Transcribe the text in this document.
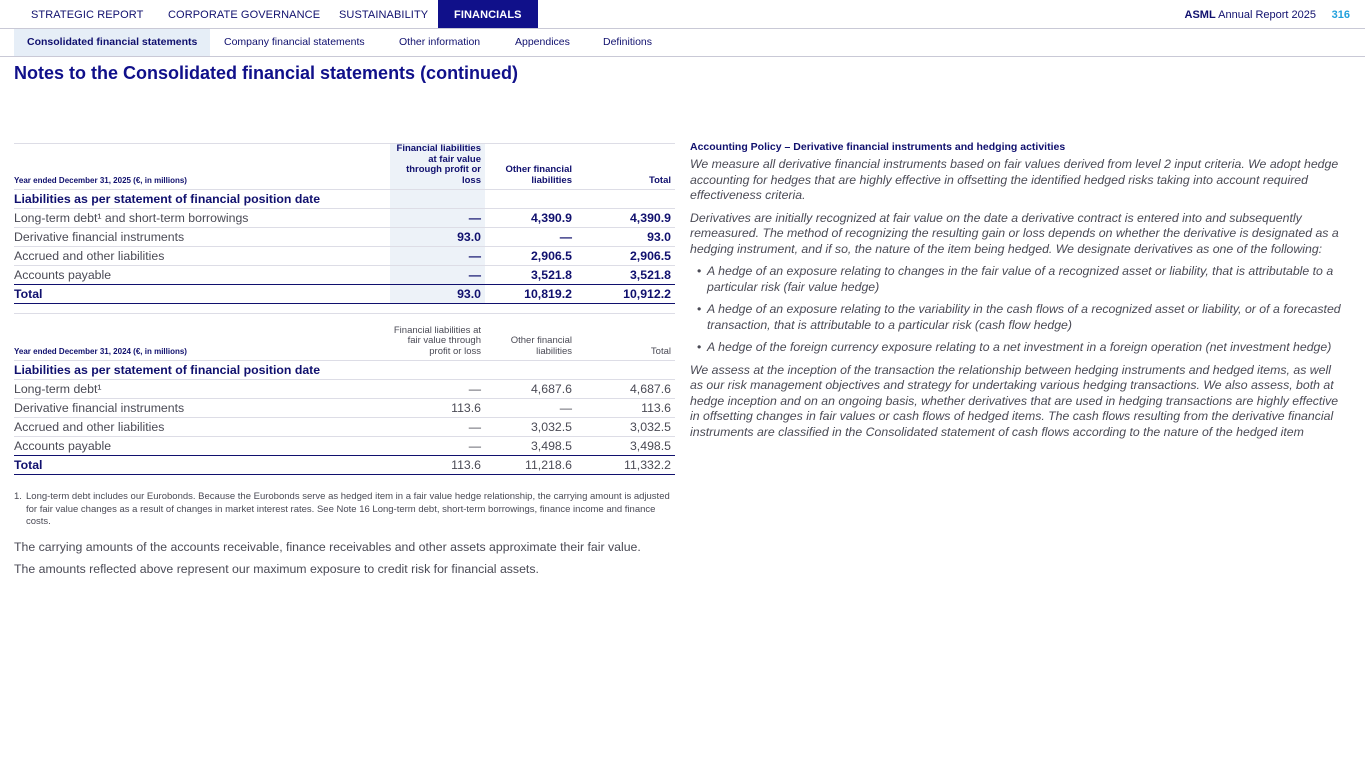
STRATEGIC REPORT CORPORATE GOVERNANCE SUSTAINABILITY	FINANCIALS	ASML Annual Report 2025 316
Consolidated financial statements	Company financial statements	Other information	Appendices	Definitions
Notes to the Consolidated financial statements (continued)
Year ended December 31, 2025 (€, in millions)	Financial liabilities at fair value through profit or loss	Other financial liabilities	Total
Liabilities as per statement of financial position date			
Long-term debt¹ and short-term borrowings	—	4,390.9	4,390.9
Derivative financial instruments	93.0	—	93.0
Accrued and other liabilities	—	2,906.5	2,906.5
Accounts payable	—	3,521.8	3,521.8
Total	93.0	10,819.2	10,912.2
Year ended December 31, 2024 (€, in millions)	Financial liabilities at fair value through profit or loss	Other financial liabilities	Total
Liabilities as per statement of financial position date			
Long-term debt¹	—	4,687.6	4,687.6
Derivative financial instruments	113.6	—	113.6
Accrued and other liabilities	—	3,032.5	3,032.5
Accounts payable	—	3,498.5	3,498.5
Total	113.6	11,218.6	11,332.2
1. Long-term debt includes our Eurobonds. Because the Eurobonds serve as hedged item in a fair value hedge relationship, the carrying amount is adjusted for fair value changes as a result of changes in market interest rates. See Note 16 Long-term debt, short-term borrowings, finance income and finance costs.
The carrying amounts of the accounts receivable, finance receivables and other assets approximate their fair value.
The amounts reflected above represent our maximum exposure to credit risk for financial assets.
Accounting Policy – Derivative financial instruments and hedging activities

We measure all derivative financial instruments based on fair values derived from level 2 input criteria. We adopt hedge accounting for hedges that are highly effective in offsetting the identified hedged risks taking into account required effectiveness criteria.

Derivatives are initially recognized at fair value on the date a derivative contract is entered into and subsequently remeasured. The method of recognizing the resulting gain or loss depends on whether the derivative is designated as a hedging instrument, and if so, the nature of the item being hedged. We designate derivatives as one of the following:

• A hedge of an exposure relating to changes in the fair value of a recognized asset or liability, that is attributable to a particular risk (fair value hedge)
• A hedge of an exposure relating to the variability in the cash flows of a recognized asset or liability, or of a forecasted transaction, that is attributable to a particular risk (cash flow hedge)
• A hedge of the foreign currency exposure relating to a net investment in a foreign operation (net investment hedge)

We assess at the inception of the transaction the relationship between hedging instruments and hedged items, as well as our risk management objectives and strategy for undertaking various hedging transactions. We also assess, both at hedge inception and on an ongoing basis, whether derivatives that are used in hedging transactions are highly effective in offsetting changes in fair values or cash flows of hedged items. The cash flows resulting from the derivative financial instruments are classified in the Consolidated statement of cash flows according to the nature of the hedged item
